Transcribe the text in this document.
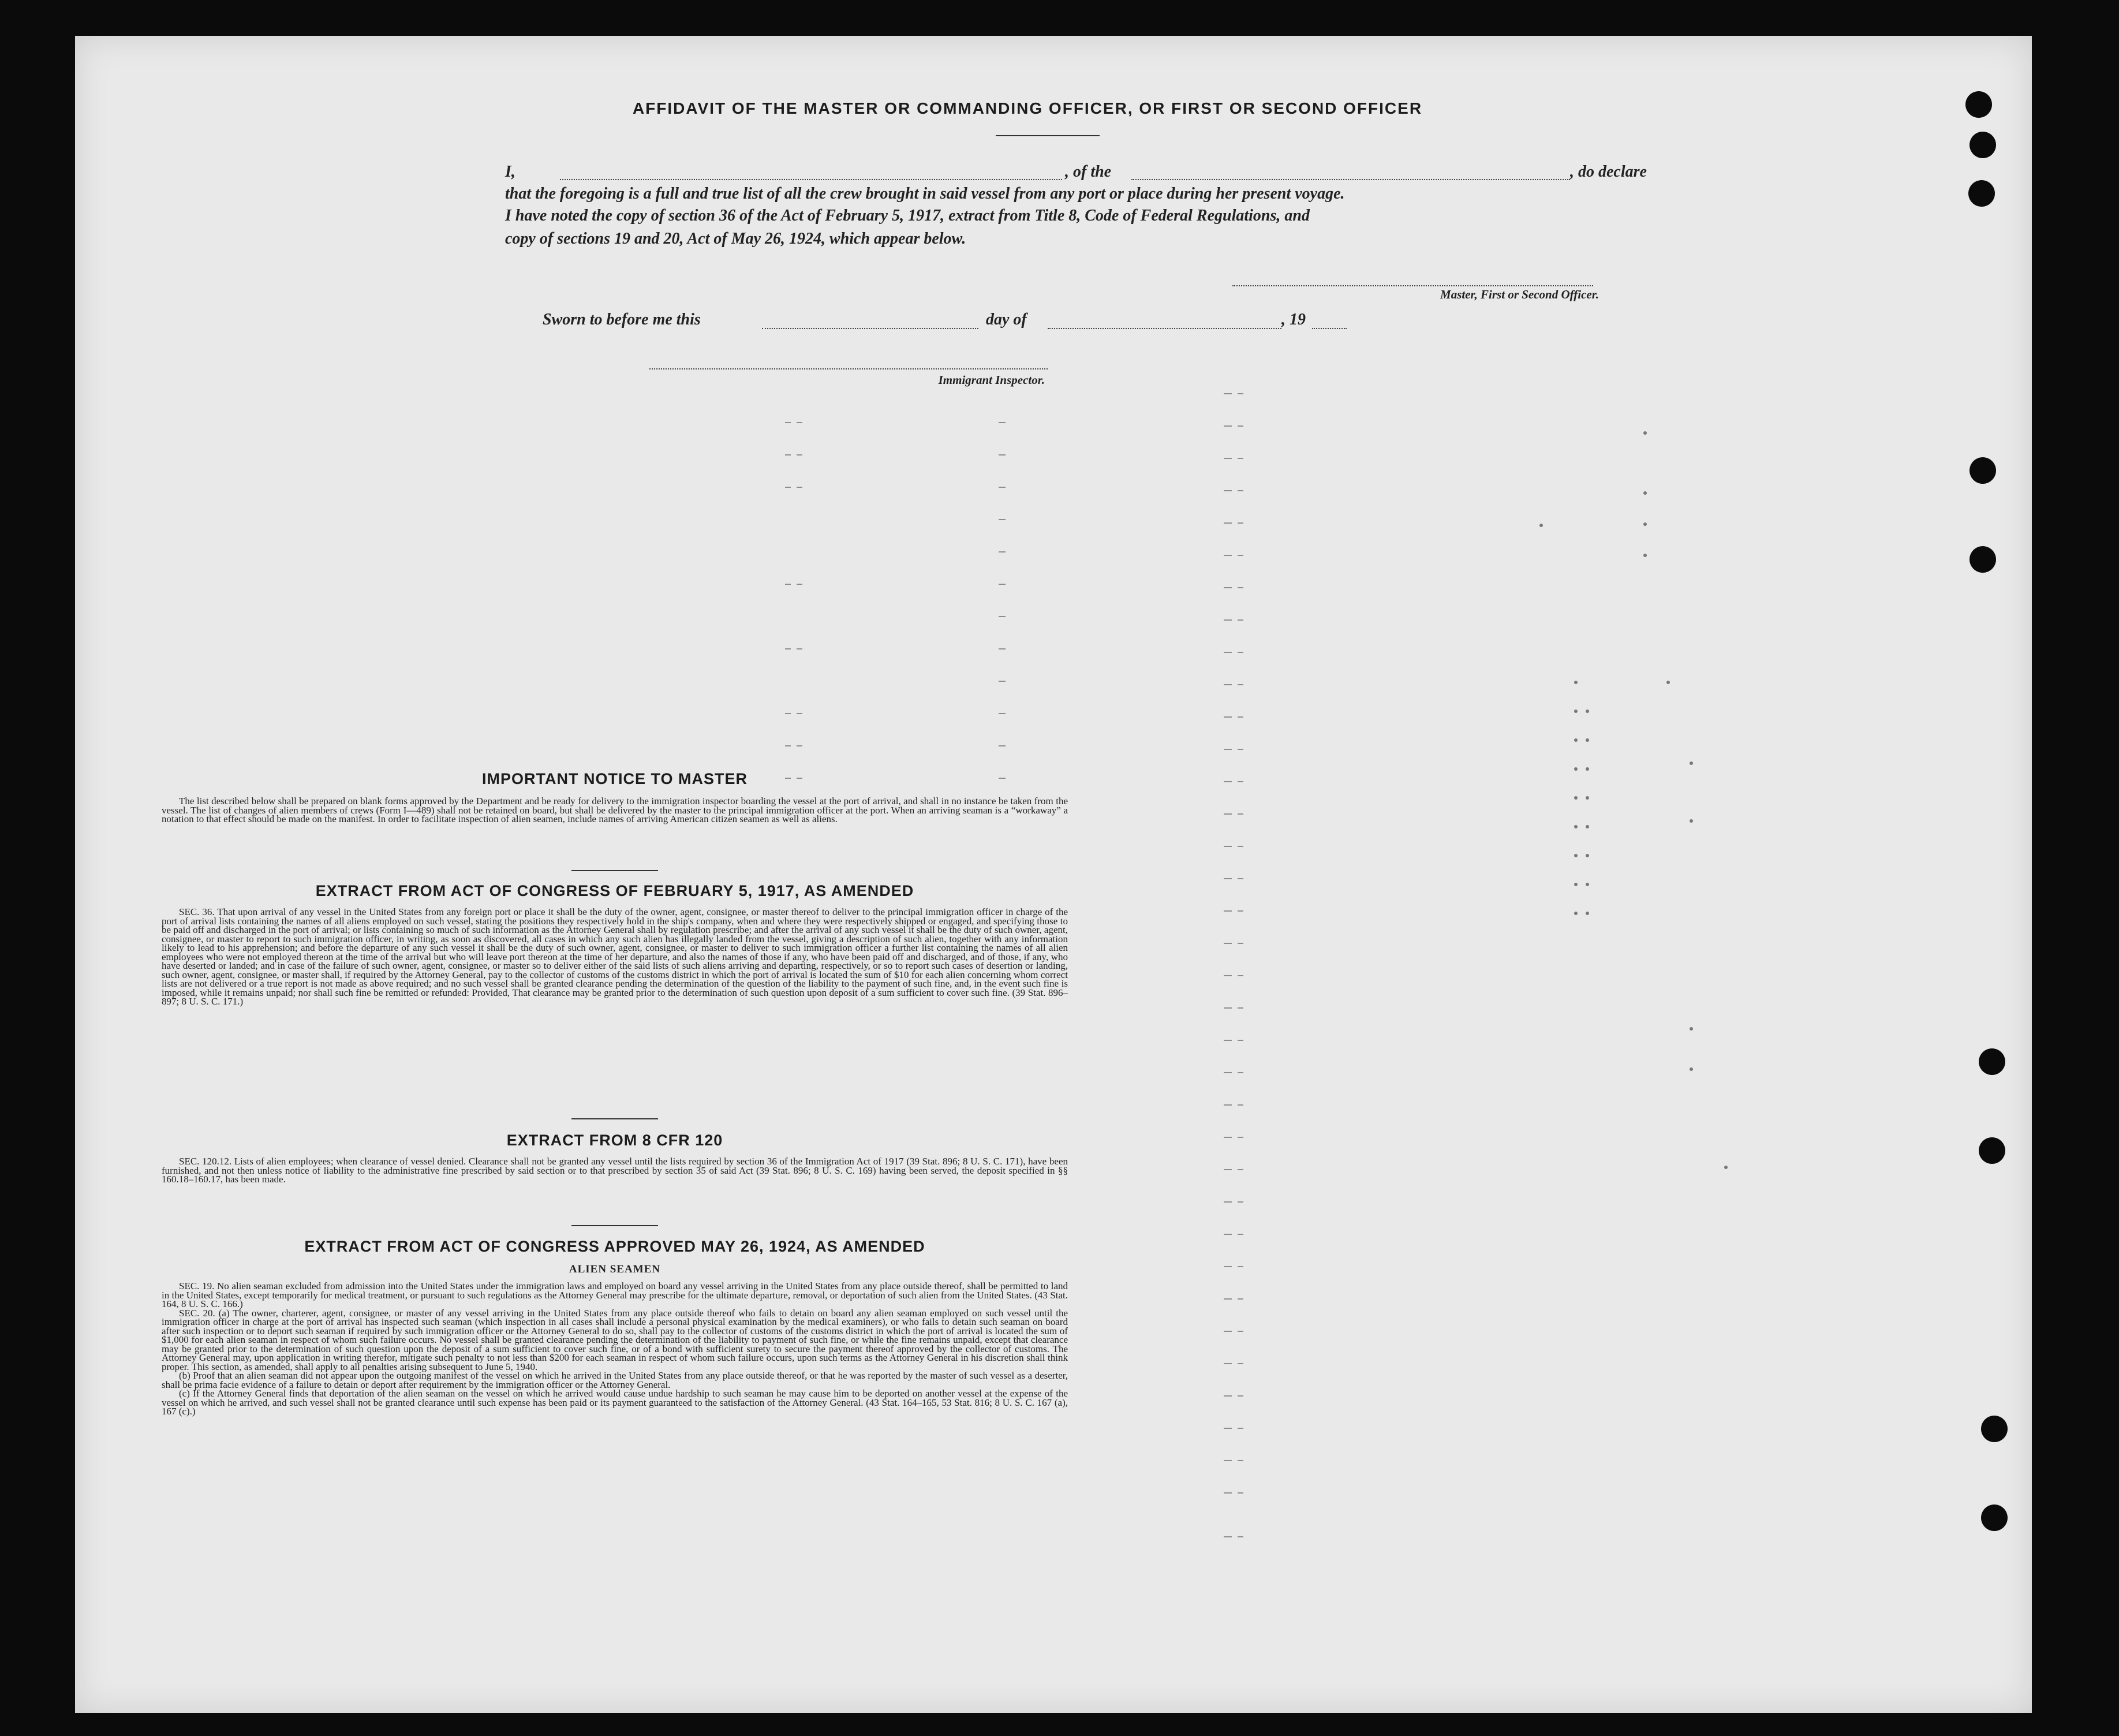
AFFIDAVIT OF THE MASTER OR COMMANDING OFFICER, OR FIRST OR SECOND OFFICER
I,	, of the	, do declare
that the foregoing is a full and true list of all the crew brought in said vessel from any port or place during her present voyage.
I have noted the copy of section 36 of the Act of February 5, 1917, extract from Title 8, Code of Federal Regulations, and
copy of sections 19 and 20, Act of May 26, 1924, which appear below.
Master, First or Second Officer.
Sworn to before me this	day of	, 19
Immigrant Inspector.
IMPORTANT NOTICE TO MASTER

The list described below shall be prepared on blank forms approved by the Department and be ready for delivery to the immigration inspector boarding the vessel at the port of arrival, and shall in no instance be taken from the vessel. The list of changes of alien members of crews (Form I—489) shall not be retained on board, but shall be delivered by the master to the principal immigration officer at the port. When an arriving seaman is a “workaway” a notation to that effect should be made on the manifest. In order to facilitate inspection of alien seamen, include names of arriving American citizen seamen as well as aliens.

EXTRACT FROM ACT OF CONGRESS OF FEBRUARY 5, 1917, AS AMENDED

SEC. 36. That upon arrival of any vessel in the United States from any foreign port or place it shall be the duty of the owner, agent, consignee, or master thereof to deliver to the principal immigration officer in charge of the port of arrival lists containing the names of all aliens employed on such vessel, stating the positions they respectively hold in the ship's company, when and where they were respectively shipped or engaged, and specifying those to be paid off and discharged in the port of arrival; or lists containing so much of such information as the Attorney General shall by regulation prescribe; and after the arrival of any such vessel it shall be the duty of such owner, agent, consignee, or master to report to such immigration officer, in writing, as soon as discovered, all cases in which any such alien has illegally landed from the vessel, giving a description of such alien, together with any information likely to lead to his apprehension; and before the departure of any such vessel it shall be the duty of such owner, agent, consignee, or master to deliver to such immigration officer a further list containing the names of all alien employees who were not employed thereon at the time of the arrival but who will leave port thereon at the time of her departure, and also the names of those if any, who have been paid off and discharged, and of those, if any, who have deserted or landed; and in case of the failure of such owner, agent, consignee, or master so to deliver either of the said lists of such aliens arriving and departing, respectively, or so to report such cases of desertion or landing, such owner, agent, consignee, or master shall, if required by the Attorney General, pay to the collector of customs of the customs district in which the port of arrival is located the sum of $10 for each alien concerning whom correct lists are not delivered or a true report is not made as above required; and no such vessel shall be granted clearance pending the determination of the question of the liability to the payment of such fine, and, in the event such fine is imposed, while it remains unpaid; nor shall such fine be remitted or refunded: Provided, That clearance may be granted prior to the determination of such question upon deposit of a sum sufficient to cover such fine. (39 Stat. 896–897; 8 U. S. C. 171.)

EXTRACT FROM 8 CFR 120

SEC. 120.12. Lists of alien employees; when clearance of vessel denied. Clearance shall not be granted any vessel until the lists required by section 36 of the Immigration Act of 1917 (39 Stat. 896; 8 U. S. C. 171), have been furnished, and not then unless notice of liability to the administrative fine prescribed by said section or to that prescribed by section 35 of said Act (39 Stat. 896; 8 U. S. C. 169) having been served, the deposit specified in §§ 160.18–160.17, has been made.

EXTRACT FROM ACT OF CONGRESS APPROVED MAY 26, 1924, AS AMENDED
ALIEN SEAMEN

SEC. 19. No alien seaman excluded from admission into the United States under the immigration laws and employed on board any vessel arriving in the United States from any place outside thereof, shall be permitted to land in the United States, except temporarily for medical treatment, or pursuant to such regulations as the Attorney General may prescribe for the ultimate departure, removal, or deportation of such alien from the United States. (43 Stat. 164, 8 U. S. C. 166.)

SEC. 20. (a) The owner, charterer, agent, consignee, or master of any vessel arriving in the United States from any place outside thereof who fails to detain on board any alien seaman employed on such vessel until the immigration officer in charge at the port of arrival has inspected such seaman (which inspection in all cases shall include a personal physical examination by the medical examiners), or who fails to detain such seaman on board after such inspection or to deport such seaman if required by such immigration officer or the Attorney General to do so, shall pay to the collector of customs of the customs district in which the port of arrival is located the sum of $1,000 for each alien seaman in respect of whom such failure occurs. No vessel shall be granted clearance pending the determination of the liability to payment of such fine, or while the fine remains unpaid, except that clearance may be granted prior to the determination of such question upon the deposit of a sum sufficient to cover such fine, or of a bond with sufficient surety to secure the payment thereof approved by the collector of customs. The Attorney General may, upon application in writing therefor, mitigate such penalty to not less than $200 for each seaman in respect of whom such failure occurs, upon such terms as the Attorney General in his discretion shall think proper. This section, as amended, shall apply to all penalties arising subsequent to June 5, 1940.

(b) Proof that an alien seaman did not appear upon the outgoing manifest of the vessel on which he arrived in the United States from any place outside thereof, or that he was reported by the master of such vessel as a deserter, shall be prima facie evidence of a failure to detain or deport after requirement by the immigration officer or the Attorney General.

(c) If the Attorney General finds that deportation of the alien seaman on the vessel on which he arrived would cause undue hardship to such seaman he may cause him to be deported on another vessel at the expense of the vessel on which he arrived, and such vessel shall not be granted clearance until such expense has been paid or its payment guaranteed to the satisfaction of the Attorney General. (43 Stat. 164–165, 53 Stat. 816; 8 U. S. C. 167 (a), 167 (c).)
